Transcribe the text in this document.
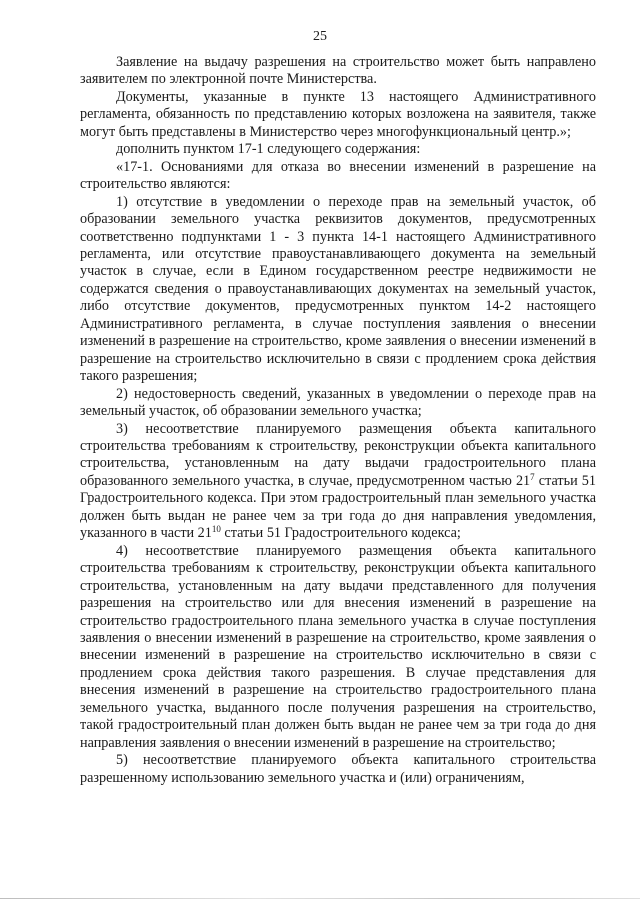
25

Заявление на выдачу разрешения на строительство может быть направлено заявителем по электронной почте Министерства.

Документы, указанные в пункте 13 настоящего Административного регламента, обязанность по представлению которых возложена на заявителя, также могут быть представлены в Министерство через многофункциональный центр.»;

дополнить пунктом 17-1 следующего содержания:

«17-1. Основаниями для отказа во внесении изменений в разрешение на строительство являются:

1) отсутствие в уведомлении о переходе прав на земельный участок, об образовании земельного участка реквизитов документов, предусмотренных соответственно подпунктами 1 - 3 пункта 14-1 настоящего Административного регламента, или отсутствие правоустанавливающего документа на земельный участок в случае, если в Едином государственном реестре недвижимости не содержатся сведения о правоустанавливающих документах на земельный участок, либо отсутствие документов, предусмотренных пунктом 14-2 настоящего Административного регламента, в случае поступления заявления о внесении изменений в разрешение на строительство, кроме заявления о внесении изменений в разрешение на строительство исключительно в связи с продлением срока действия такого разрешения;

2) недостоверность сведений, указанных в уведомлении о переходе прав на земельный участок, об образовании земельного участка;

3) несоответствие планируемого размещения объекта капитального строительства требованиям к строительству, реконструкции объекта капитального строительства, установленным на дату выдачи градостроительного плана образованного земельного участка, в случае, предусмотренном частью $21^7$ статьи 51 Градостроительного кодекса. При этом градостроительный план земельного участка должен быть выдан не ранее чем за три года до дня направления уведомления, указанного в части $21^{10}$ статьи 51 Градостроительного кодекса;

4) несоответствие планируемого размещения объекта капитального строительства требованиям к строительству, реконструкции объекта капитального строительства, установленным на дату выдачи представленного для получения разрешения на строительство или для внесения изменений в разрешение на строительство градостроительного плана земельного участка в случае поступления заявления о внесении изменений в разрешение на строительство, кроме заявления о внесении изменений в разрешение на строительство исключительно в связи с продлением срока действия такого разрешения. В случае представления для внесения изменений в разрешение на строительство градостроительного плана земельного участка, выданного после получения разрешения на строительство, такой градостроительный план должен быть выдан не ранее чем за три года до дня направления заявления о внесении изменений в разрешение на строительство;

5) несоответствие планируемого объекта капитального строительства разрешенному использованию земельного участка и (или) ограничениям,
